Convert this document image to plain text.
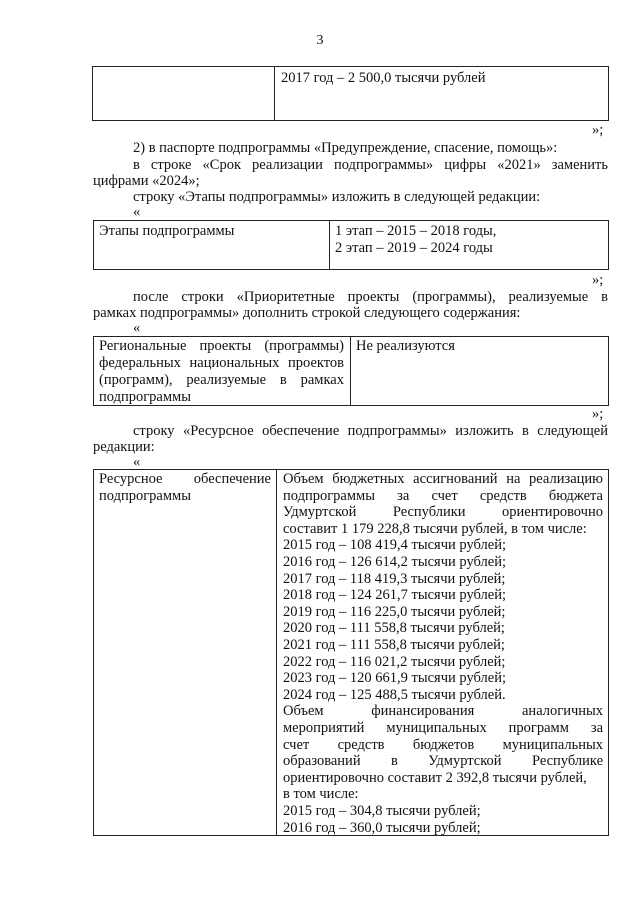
3
2017 год – 2 500,0 тысячи рублей
»;
2) в паспорте подпрограммы «Предупреждение, спасение, помощь»:
в строке «Срок реализации подпрограммы» цифры «2021» заменить
цифрами «2024»;
строку «Этапы подпрограммы» изложить в следующей редакции:
«
Этапы подпрограммы	1 этап – 2015 – 2018 годы,
2 этап – 2019 – 2024 годы
»;
после строки «Приоритетные проекты (программы), реализуемые в
рамках подпрограммы» дополнить строкой следующего содержания:
«
Региональные проекты (программы)
федеральных национальных проектов
(программ), реализуемые в рамках
подпрограммы
Не реализуются
»;
строку «Ресурсное обеспечение подпрограммы» изложить в следующей
редакции:
«
Ресурсное обеспечение
подпрограммы
Объем бюджетных ассигнований на реализацию
подпрограммы за счет средств бюджета
Удмуртской Республики ориентировочно
составит 1 179 228,8 тысячи рублей, в том числе:
2015 год – 108 419,4 тысячи рублей;
2016 год – 126 614,2 тысячи рублей;
2017 год – 118 419,3 тысячи рублей;
2018 год – 124 261,7 тысячи рублей;
2019 год – 116 225,0 тысячи рублей;
2020 год – 111 558,8 тысячи рублей;
2021 год – 111 558,8 тысячи рублей;
2022 год – 116 021,2 тысячи рублей;
2023 год – 120 661,9 тысячи рублей;
2024 год – 125 488,5 тысячи рублей.
Объем финансирования аналогичных
мероприятий муниципальных программ за
счет средств бюджетов муниципальных
образований в Удмуртской Республике
ориентировочно составит 2 392,8 тысячи рублей,
в том числе:
2015 год – 304,8 тысячи рублей;
2016 год – 360,0 тысячи рублей;
